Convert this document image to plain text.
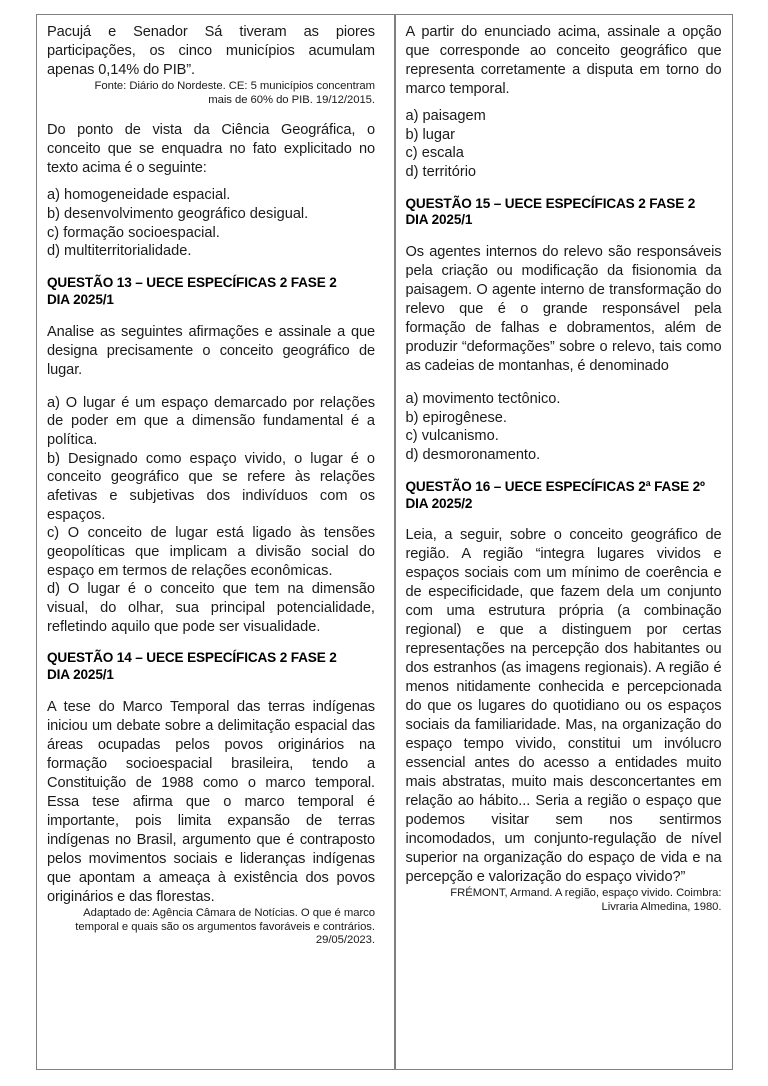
Pacujá e Senador Sá tiveram as piores participações, os cinco municípios acumulam apenas 0,14% do PIB”.
Fonte: Diário do Nordeste. CE: 5 municípios concentram
mais de 60% do PIB. 19/12/2015.
Do ponto de vista da Ciência Geográfica, o conceito que se enquadra no fato explicitado no texto acima é o seguinte:
a) homogeneidade espacial.
b) desenvolvimento geográfico desigual.
c) formação socioespacial.
d) multiterritorialidade.
QUESTÃO 13 – UECE ESPECÍFICAS 2 FASE 2
DIA 2025/1
Analise as seguintes afirmações e assinale a que designa precisamente o conceito geográfico de lugar.
a) O lugar é um espaço demarcado por relações de poder em que a dimensão fundamental é a política.
b) Designado como espaço vivido, o lugar é o conceito geográfico que se refere às relações afetivas e subjetivas dos indivíduos com os espaços.
c) O conceito de lugar está ligado às tensões geopolíticas que implicam a divisão social do espaço em termos de relações econômicas.
d) O lugar é o conceito que tem na dimensão visual, do olhar, sua principal potencialidade, refletindo aquilo que pode ser visualidade.
QUESTÃO 14 – UECE ESPECÍFICAS 2 FASE 2
DIA 2025/1
A tese do Marco Temporal das terras indígenas iniciou um debate sobre a delimitação espacial das áreas ocupadas pelos povos originários na formação socioespacial brasileira, tendo a Constituição de 1988 como o marco temporal. Essa tese afirma que o marco temporal é importante, pois limita expansão de terras indígenas no Brasil, argumento que é contraposto pelos movimentos sociais e lideranças indígenas que apontam a ameaça à existência dos povos originários e das florestas.
Adaptado de: Agência Câmara de Notícias. O que é marco temporal e quais são os argumentos favoráveis e contrários. 29/05/2023.
A partir do enunciado acima, assinale a opção que corresponde ao conceito geográfico que representa corretamente a disputa em torno do marco temporal.
a) paisagem
b) lugar
c) escala
d) território
QUESTÃO 15 – UECE ESPECÍFICAS 2 FASE 2
DIA 2025/1
Os agentes internos do relevo são responsáveis pela criação ou modificação da fisionomia da paisagem. O agente interno de transformação do relevo que é o grande responsável pela formação de falhas e dobramentos, além de produzir “deformações” sobre o relevo, tais como as cadeias de montanhas, é denominado
a) movimento tectônico.
b) epirogênese.
c) vulcanismo.
d) desmoronamento.
QUESTÃO 16 – UECE ESPECÍFICAS 2ª FASE 2º
DIA 2025/2
Leia, a seguir, sobre o conceito geográfico de região. A região “integra lugares vividos e espaços sociais com um mínimo de coerência e de especificidade, que fazem dela um conjunto com uma estrutura própria (a combinação regional) e que a distinguem por certas representações na percepção dos habitantes ou dos estranhos (as imagens regionais). A região é menos nitidamente conhecida e percepcionada do que os lugares do quotidiano ou os espaços sociais da familiaridade. Mas, na organização do espaço tempo vivido, constitui um invólucro essencial antes do acesso a entidades muito mais abstratas, muito mais desconcertantes em relação ao hábito... Seria a região o espaço que podemos visitar sem nos sentirmos incomodados, um conjunto-regulação de nível superior na organização do espaço de vida e na percepção e valorização do espaço vivido?”
FRÉMONT, Armand. A região, espaço vivido. Coimbra:
Livraria Almedina, 1980.
